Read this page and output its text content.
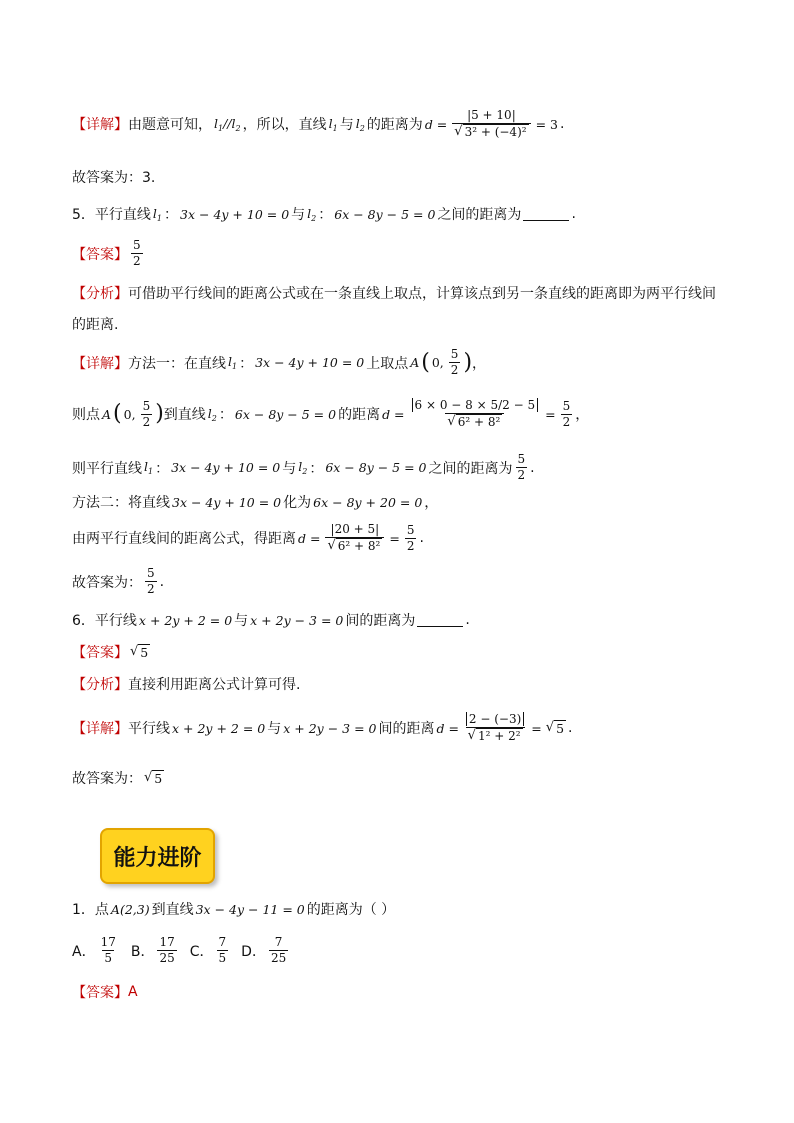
【详解】 由题意可知， $l_1//l_2$ ，所以，直线 $l_1$ 与 $l_2$ 的距离为 $d = \frac{|5 + 10|}{\text{√ 3² + (−4)²}} = 3$ .
故答案为：3.
5．平行直线 $l_1$ ： 3x − 4y + 10 = 0 与 $l_2$ ： 6x − 8y − 5 = 0 之间的距离为	.
【答案】 $\frac{5}{2}$
【分析】 可借助平行线间的距离公式或在一条直线上取点，计算该点到另一条直线的距离即为两平行线间
的距离.
【详解】 方法一：在直线 $l_1$ ： 3x − 4y + 10 = 0 上取点 A ( 0, $\frac{5}{2}$ ) ，
则点 A ( 0, $\frac{5}{2}$ ) 到直线 $l_2$ ： 6x − 8y − 5 = 0 的距离 $d = \frac{6 \times 0 - 8 \times 5/2 - 5}{\text{√ 6² + 8²}} = \frac{5}{2}$ ，
则平行直线 $l_1$ ： 3x − 4y + 10 = 0 与 $l_2$ ： 6x − 8y − 5 = 0 之间的距离为 $\frac{5}{2}$ .
方法二：将直线 3x − 4y + 10 = 0 化为 6x − 8y + 20 = 0 ，
由两平行直线间的距离公式，得距离 $d = \frac{|20 + 5|}{\text{√ 6² + 8²}} = \frac{5}{2}$ .
故答案为： $\frac{5}{2}$ .
6．平行线 x + 2y + 2 = 0 与 x + 2y − 3 = 0 间的距离为	.
【答案】 √ 5
【分析】 直接利用距离公式计算可得.
【详解】 平行线 x + 2y + 2 = 0 与 x + 2y − 3 = 0 间的距离 $d = \frac{2 - (-3)}{\text{√ 1² + 2²}}$ = √ 5 .
故答案为： √ 5
能力进阶
1．点 A(2,3) 到直线 3x − 4y − 11 = 0 的距离为（ ）
A． $\frac{17}{5}$ B． $\frac{17}{25}$ C． $\frac{7}{5}$ D． $\frac{7}{25}$
【答案】 A
